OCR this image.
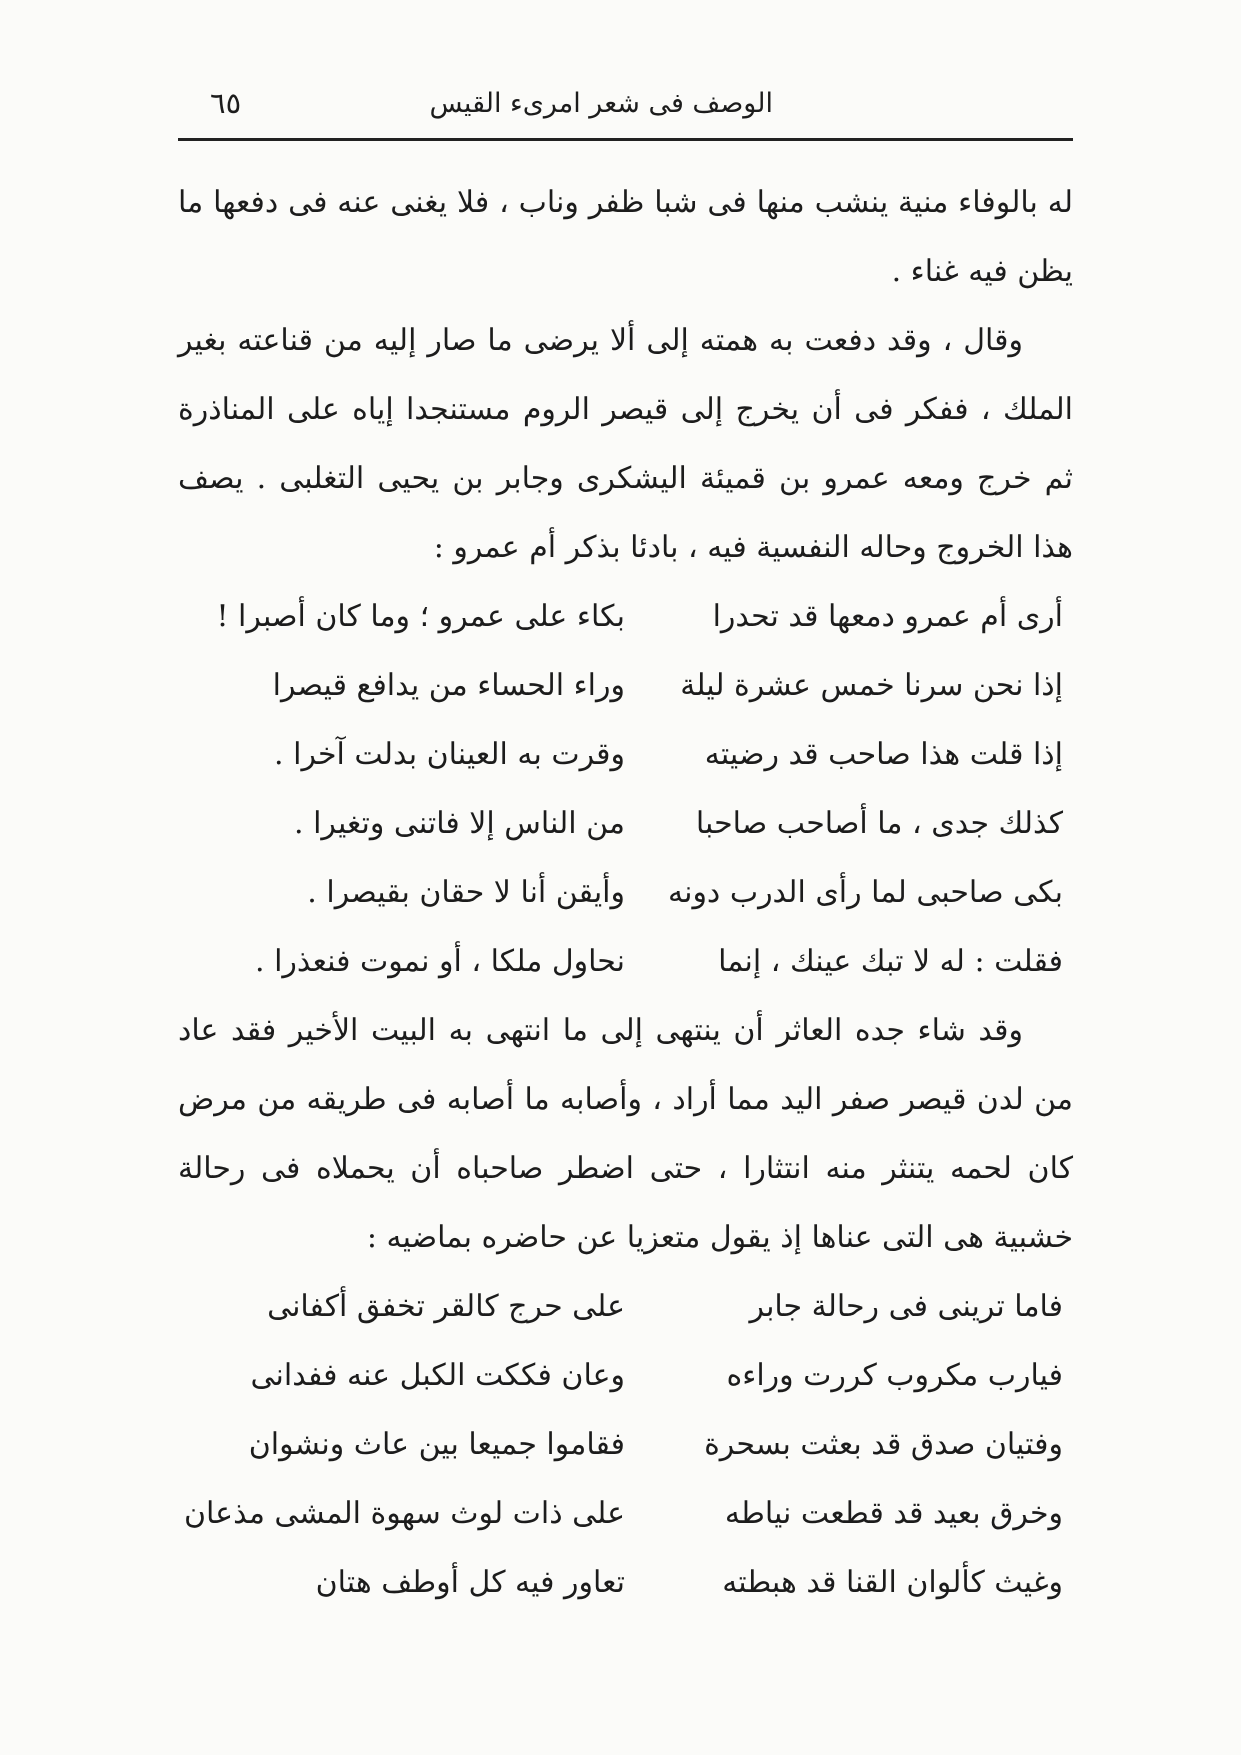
الوصف فى شعر امرىء القيس
٦٥

له بالوفاء منية ينشب منها فى شبا ظفر وناب ، فلا يغنى عنه فى دفعها ما يظن فيه غناء .

وقال ، وقد دفعت به همته إلى ألا يرضى ما صار إليه من قناعته بغير الملك ، ففكر فى أن يخرج إلى قيصر الروم مستنجدا إياه على المناذرة ثم خرج ومعه عمرو بن قميئة اليشكرى وجابر بن يحيى التغلبى . يصف هذا الخروج وحاله النفسية فيه ، بادئا بذكر أم عمرو :

أرى أم عمرو دمعها قد تحدرا
بكاء على عمرو ؛ وما كان أصبرا !
إذا نحن سرنا خمس عشرة ليلة
وراء الحساء من يدافع قيصرا
إذا قلت هذا صاحب قد رضيته
وقرت به العينان بدلت آخرا .
كذلك جدى ، ما أصاحب صاحبا
من الناس إلا فاتنى وتغيرا .
بكى صاحبى لما رأى الدرب دونه
وأيقن أنا لا حقان بقيصرا .
فقلت : له لا تبك عينك ، إنما
نحاول ملكا ، أو نموت فنعذرا .

وقد شاء جده العاثر أن ينتهى إلى ما انتهى به البيت الأخير فقد عاد من لدن قيصر صفر اليد مما أراد ، وأصابه ما أصابه فى طريقه من مرض كان لحمه يتنثر منه انتثارا ، حتى اضطر صاحباه أن يحملاه فى رحالة خشبية هى التى عناها إذ يقول متعزيا عن حاضره بماضيه :

فاما ترينى فى رحالة جابر
على حرج كالقر تخفق أكفانى
فيارب مكروب كررت وراءه
وعان فككت الكبل عنه ففدانى
وفتيان صدق قد بعثت بسحرة
فقاموا جميعا بين عاث ونشوان
وخرق بعيد قد قطعت نياطه
على ذات لوث سهوة المشى مذعان
وغيث كألوان القنا قد هبطته
تعاور فيه كل أوطف هتان
